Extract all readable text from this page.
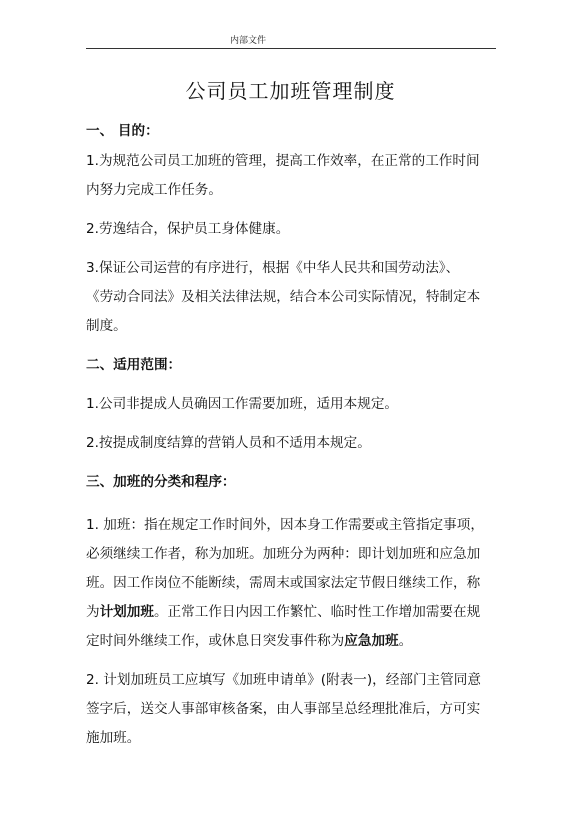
内部文件
公司员工加班管理制度

一、 目的：

1.为规范公司员工加班的管理，提高工作效率，在正常的工作时间

内努力完成工作任务。

2.劳逸结合，保护员工身体健康。

3.保证公司运营的有序进行，根据《中华人民共和国劳动法》、

《劳动合同法》及相关法律法规，结合本公司实际情况，特制定本

制度。

二、适用范围：

1.公司非提成人员确因工作需要加班，适用本规定。

2.按提成制度结算的营销人员和不适用本规定。

三、加班的分类和程序：

1. 加班：指在规定工作时间外，因本身工作需要或主管指定事项，

必须继续工作者，称为加班。加班分为两种：即计划加班和应急加

班。因工作岗位不能断续，需周末或国家法定节假日继续工作，称

为计划加班。正常工作日内因工作繁忙、临时性工作增加需要在规

定时间外继续工作，或休息日突发事件称为应急加班。

2. 计划加班员工应填写《加班申请单》(附表一)，经部门主管同意

签字后，送交人事部审核备案，由人事部呈总经理批准后，方可实

施加班。
